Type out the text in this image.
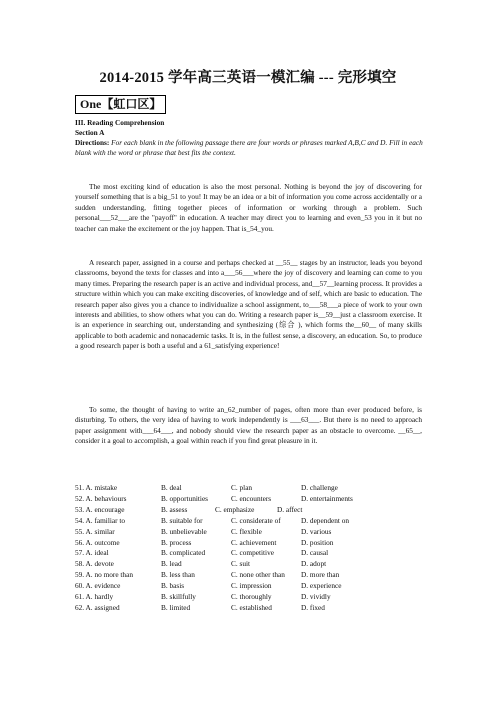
2014-2015 学年高三英语一模汇编 --- 完形填空
One【虹口区】
III. Reading Comprehension
Section A
Directions: For each blank in the following passage there are four words or phrases marked A,B,C and D. Fill in each blank with the word or phrase that best fits the context.

The most exciting kind of education is also the most personal. Nothing is beyond the joy of discovering for yourself something that is a big_51 to you! It may be an idea or a bit of information you come across accidentally or a sudden understanding, fitting together pieces of information or working through a problem. Such personal___52___are the "payoff" in education. A teacher may direct you to learning and even_53 you in it but no teacher can make the excitement or the joy happen. That is_54_you.

A research paper, assigned in a course and perhaps checked at __55__ stages by an instructor, leads you beyond classrooms, beyond the texts for classes and into a___56___where the joy of discovery and learning can come to you many times. Preparing the research paper is an active and individual process, and__57__learning process. It provides a structure within which you can make exciting discoveries, of knowledge and of self, which are basic to education. The research paper also gives you a chance to individualize a school assignment, to___58___a piece of work to your own interests and abilities, to show others what you can do. Writing a research paper is__59__just a classroom exercise. It is an experience in searching out, understanding and synthesizing (综合 ), which forms the__60__ of many skills applicable to both academic and nonacademic tasks. It is, in the fullest sense, a discovery, an education. So, to produce a good research paper is both a useful and a 61_satisfying experience!

To some, the thought of having to write an_62_number of pages, often more than ever produced before, is disturbing. To others, the very idea of having to work independently is ___63___. But there is no need to approach paper assignment with___64___, and nobody should view the research paper as an obstacle to overcome. __65__, consider it a goal to accomplish, a goal within reach if you find great pleasure in it.

51. A. mistake	B. deal	C. plan	D. challenge
52. A. behaviours	B. opportunities	C. encounters	D. entertainments
53. A. encourage	B. assess	C. emphasize	D. affect
54. A. familiar to	B. suitable for	C. considerate of	D. dependent on
55. A. similar	B. unbelievable	C. flexible	D. various
56. A. outcome	B. process	C. achievement	D. position
57. A. ideal	B. complicated	C. competitive	D. causal
58. A. devote	B. lead	C. suit	D. adopt
59. A. no more than	B. less than	C. none other than	D. more than
60. A. evidence	B. basis	C. impression	D. experience
61. A. hardly	B. skillfully	C. thoroughly	D. vividly
62. A. assigned	B. limited	C. established	D. fixed
